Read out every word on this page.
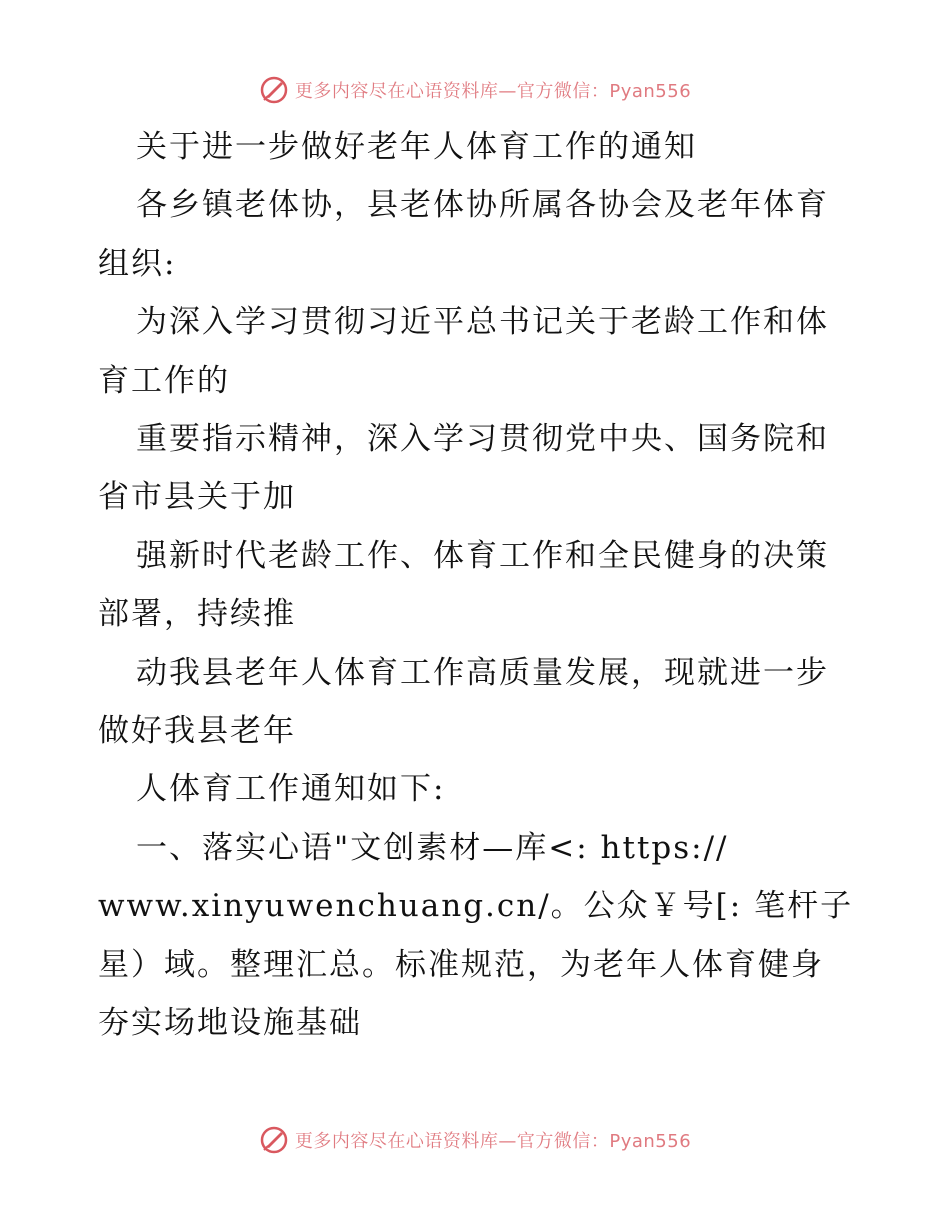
更多内容尽在心语资料库—官方微信：Pyan556

关于进一步做好老年人体育工作的通知

各乡镇老体协，县老体协所属各协会及老年体育

组织:

为深入学习贯彻习近平总书记关于老龄工作和体

育工作的

重要指示精神，深入学习贯彻党中央、国务院和

省市县关于加

强新时代老龄工作、体育工作和全民健身的决策

部署，持续推

动我县老年人体育工作高质量发展，现就进一步

做好我县老年

人体育工作通知如下:

一、落实心语"文创素材—库<: https://

www.xinyuwenchuang.cn/。公众￥号[: 笔杆子

星）域。整理汇总。标准规范，为老年人体育健身

夯实场地设施基础

更多内容尽在心语资料库—官方微信：Pyan556
